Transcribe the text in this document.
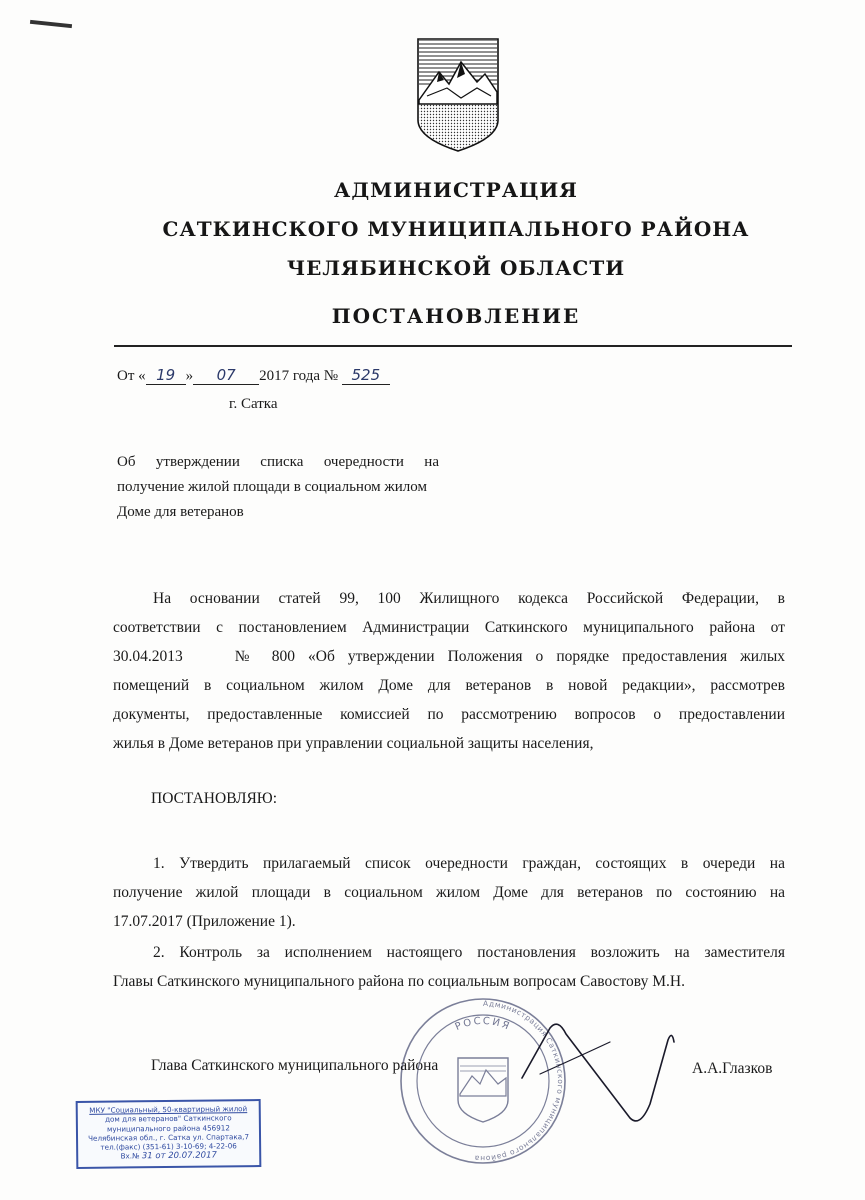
АДМИНИСТРАЦИЯ
САТКИНСКОГО МУНИЦИПАЛЬНОГО РАЙОНА
ЧЕЛЯБИНСКОЙ ОБЛАСТИ
ПОСТАНОВЛЕНИЕ
От « 19 » 07 2017 года № 525
г. Сатка
Об утверждении списка очередности на
получение жилой площади в социальном жилом
Доме для ветеранов
На основании статей 99, 100 Жилищного кодекса Российской Федерации, в
соответствии с постановлением Администрации Саткинского муниципального района от
30.04.2013    № 800 «Об утверждении Положения о порядке предоставления жилых
помещений в социальном жилом Доме для ветеранов в новой редакции», рассмотрев
документы, предоставленные комиссией по рассмотрению вопросов о предоставлении
жилья в Доме ветеранов при управлении социальной защиты населения,
ПОСТАНОВЛЯЮ:
1. Утвердить прилагаемый список очередности граждан, состоящих в очереди на
получение жилой площади в социальном жилом Доме для ветеранов по состоянию на
17.07.2017 (Приложение 1).
2. Контроль за исполнением настоящего постановления возложить на заместителя
Главы Саткинского муниципального района по социальным вопросам Савостову М.Н.
РОССИЯ
Администрация Саткинского муниципального района
Глава Саткинского муниципального района	А.А.Глазков
МКУ "Социальный, 50-квартирный жилой
дом для ветеранов" Саткинского
муниципального района 456912
Челябинская обл., г. Сатка ул. Спартака,7
тел.(факс) (351-61) 3-10-69; 4-22-06
Вх.№ 31 от 20.07.2017
